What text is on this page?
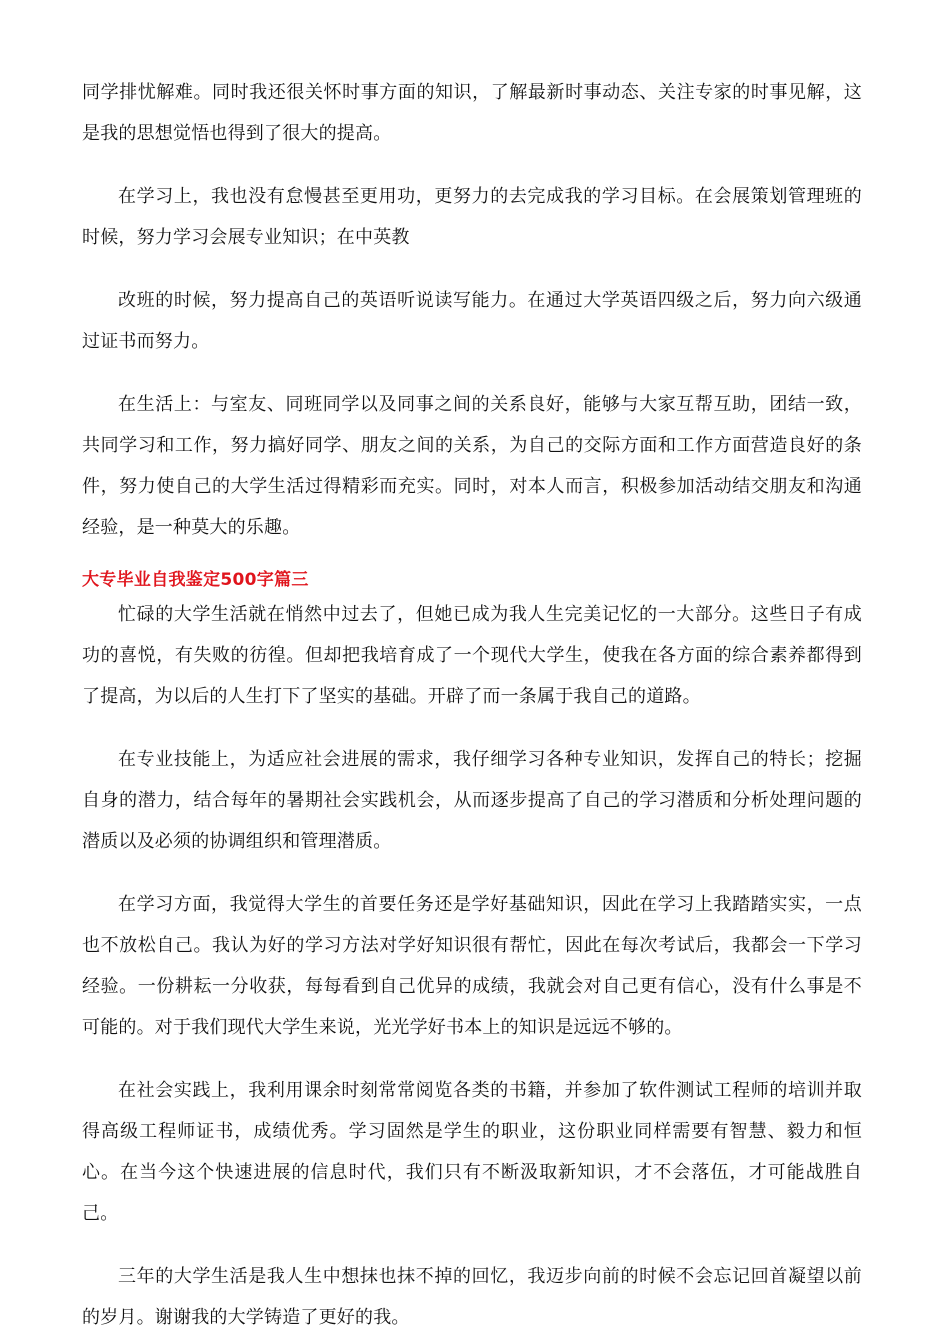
同学排忧解难。同时我还很关怀时事方面的知识，了解最新时事动态、关注专家的时事见解，这是我的思想觉悟也得到了很大的提高。

在学习上，我也没有怠慢甚至更用功，更努力的去完成我的学习目标。在会展策划管理班的时候，努力学习会展专业知识；在中英教

改班的时候，努力提高自己的英语听说读写能力。在通过大学英语四级之后，努力向六级通过证书而努力。

在生活上：与室友、同班同学以及同事之间的关系良好，能够与大家互帮互助，团结一致，共同学习和工作，努力搞好同学、朋友之间的关系，为自己的交际方面和工作方面营造良好的条件，努力使自己的大学生活过得精彩而充实。同时，对本人而言，积极参加活动结交朋友和沟通经验，是一种莫大的乐趣。

大专毕业自我鉴定500字篇三

忙碌的大学生活就在悄然中过去了，但她已成为我人生完美记忆的一大部分。这些日子有成功的喜悦，有失败的彷徨。但却把我培育成了一个现代大学生，使我在各方面的综合素养都得到了提高，为以后的人生打下了坚实的基础。开辟了而一条属于我自己的道路。

在专业技能上，为适应社会进展的需求，我仔细学习各种专业知识，发挥自己的特长；挖掘自身的潜力，结合每年的暑期社会实践机会，从而逐步提高了自己的学习潜质和分析处理问题的潜质以及必须的协调组织和管理潜质。

在学习方面，我觉得大学生的首要任务还是学好基础知识，因此在学习上我踏踏实实，一点也不放松自己。我认为好的学习方法对学好知识很有帮忙，因此在每次考试后，我都会一下学习经验。一份耕耘一分收获，每每看到自己优异的成绩，我就会对自己更有信心，没有什么事是不可能的。对于我们现代大学生来说，光光学好书本上的知识是远远不够的。

在社会实践上，我利用课余时刻常常阅览各类的书籍，并参加了软件测试工程师的培训并取得高级工程师证书，成绩优秀。学习固然是学生的职业，这份职业同样需要有智慧、毅力和恒心。在当今这个快速进展的信息时代，我们只有不断汲取新知识，才不会落伍，才可能战胜自己。

三年的大学生活是我人生中想抹也抹不掉的回忆，我迈步向前的时候不会忘记回首凝望以前的岁月。谢谢我的大学铸造了更好的我。
